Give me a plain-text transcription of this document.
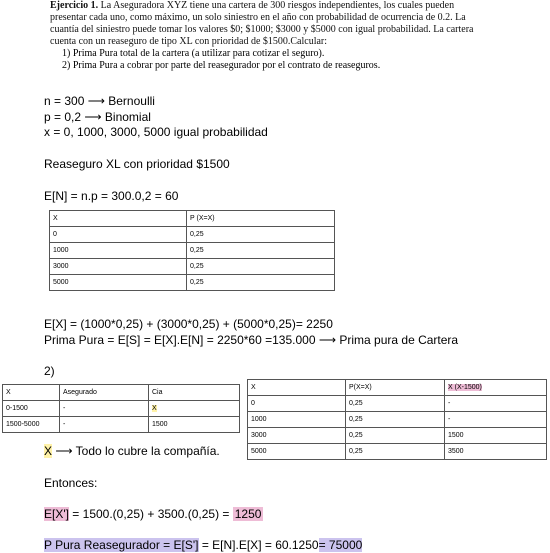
Ejercicio 1. La Aseguradora XYZ tiene una cartera de 300 riesgos independientes, los cuales pueden
presentar cada uno, como máximo, un solo siniestro en el año con probabilidad de ocurrencia de 0.2. La
cuantía del siniestro puede tomar los valores $0; $1000; $3000 y $5000 con igual probabilidad. La cartera
cuenta con un reaseguro de tipo XL con prioridad de $1500.Calcular:
1) Prima Pura total de la cartera (a utilizar para cotizar el seguro).
2) Prima Pura a cobrar por parte del reasegurador por el contrato de reaseguros.
n = 300 ⟶ Bernoulli
p = 0,2 ⟶ Binomial
x = 0, 1000, 3000, 5000 igual probabilidad
Reaseguro XL con prioridad $1500
E[N] = n.p = 300.0,2 = 60
X	P (X=X)
0	0,25
1000	0,25
3000	0,25
5000	0,25
E[X] = (1000*0,25) + (3000*0,25) + (5000*0,25)= 2250
Prima Pura = E[S] = E[X].E[N] = 2250*60 =135.000 ⟶ Prima pura de Cartera
2)
X	Asegurado	Cia
0-1500	-	X
1500-5000	-	1500
X	P(X=X)	X (X-1500)
0	0,25	-
1000	0,25	-
3000	0,25	1500
5000	0,25	3500
X ⟶ Todo lo cubre la compañía.
Entonces:
E[X'] = 1500.(0,25) + 3500.(0,25) = 1250
P Pura Reasegurador = E[S'] = E[N].E[X] = 60.1250= 75000
